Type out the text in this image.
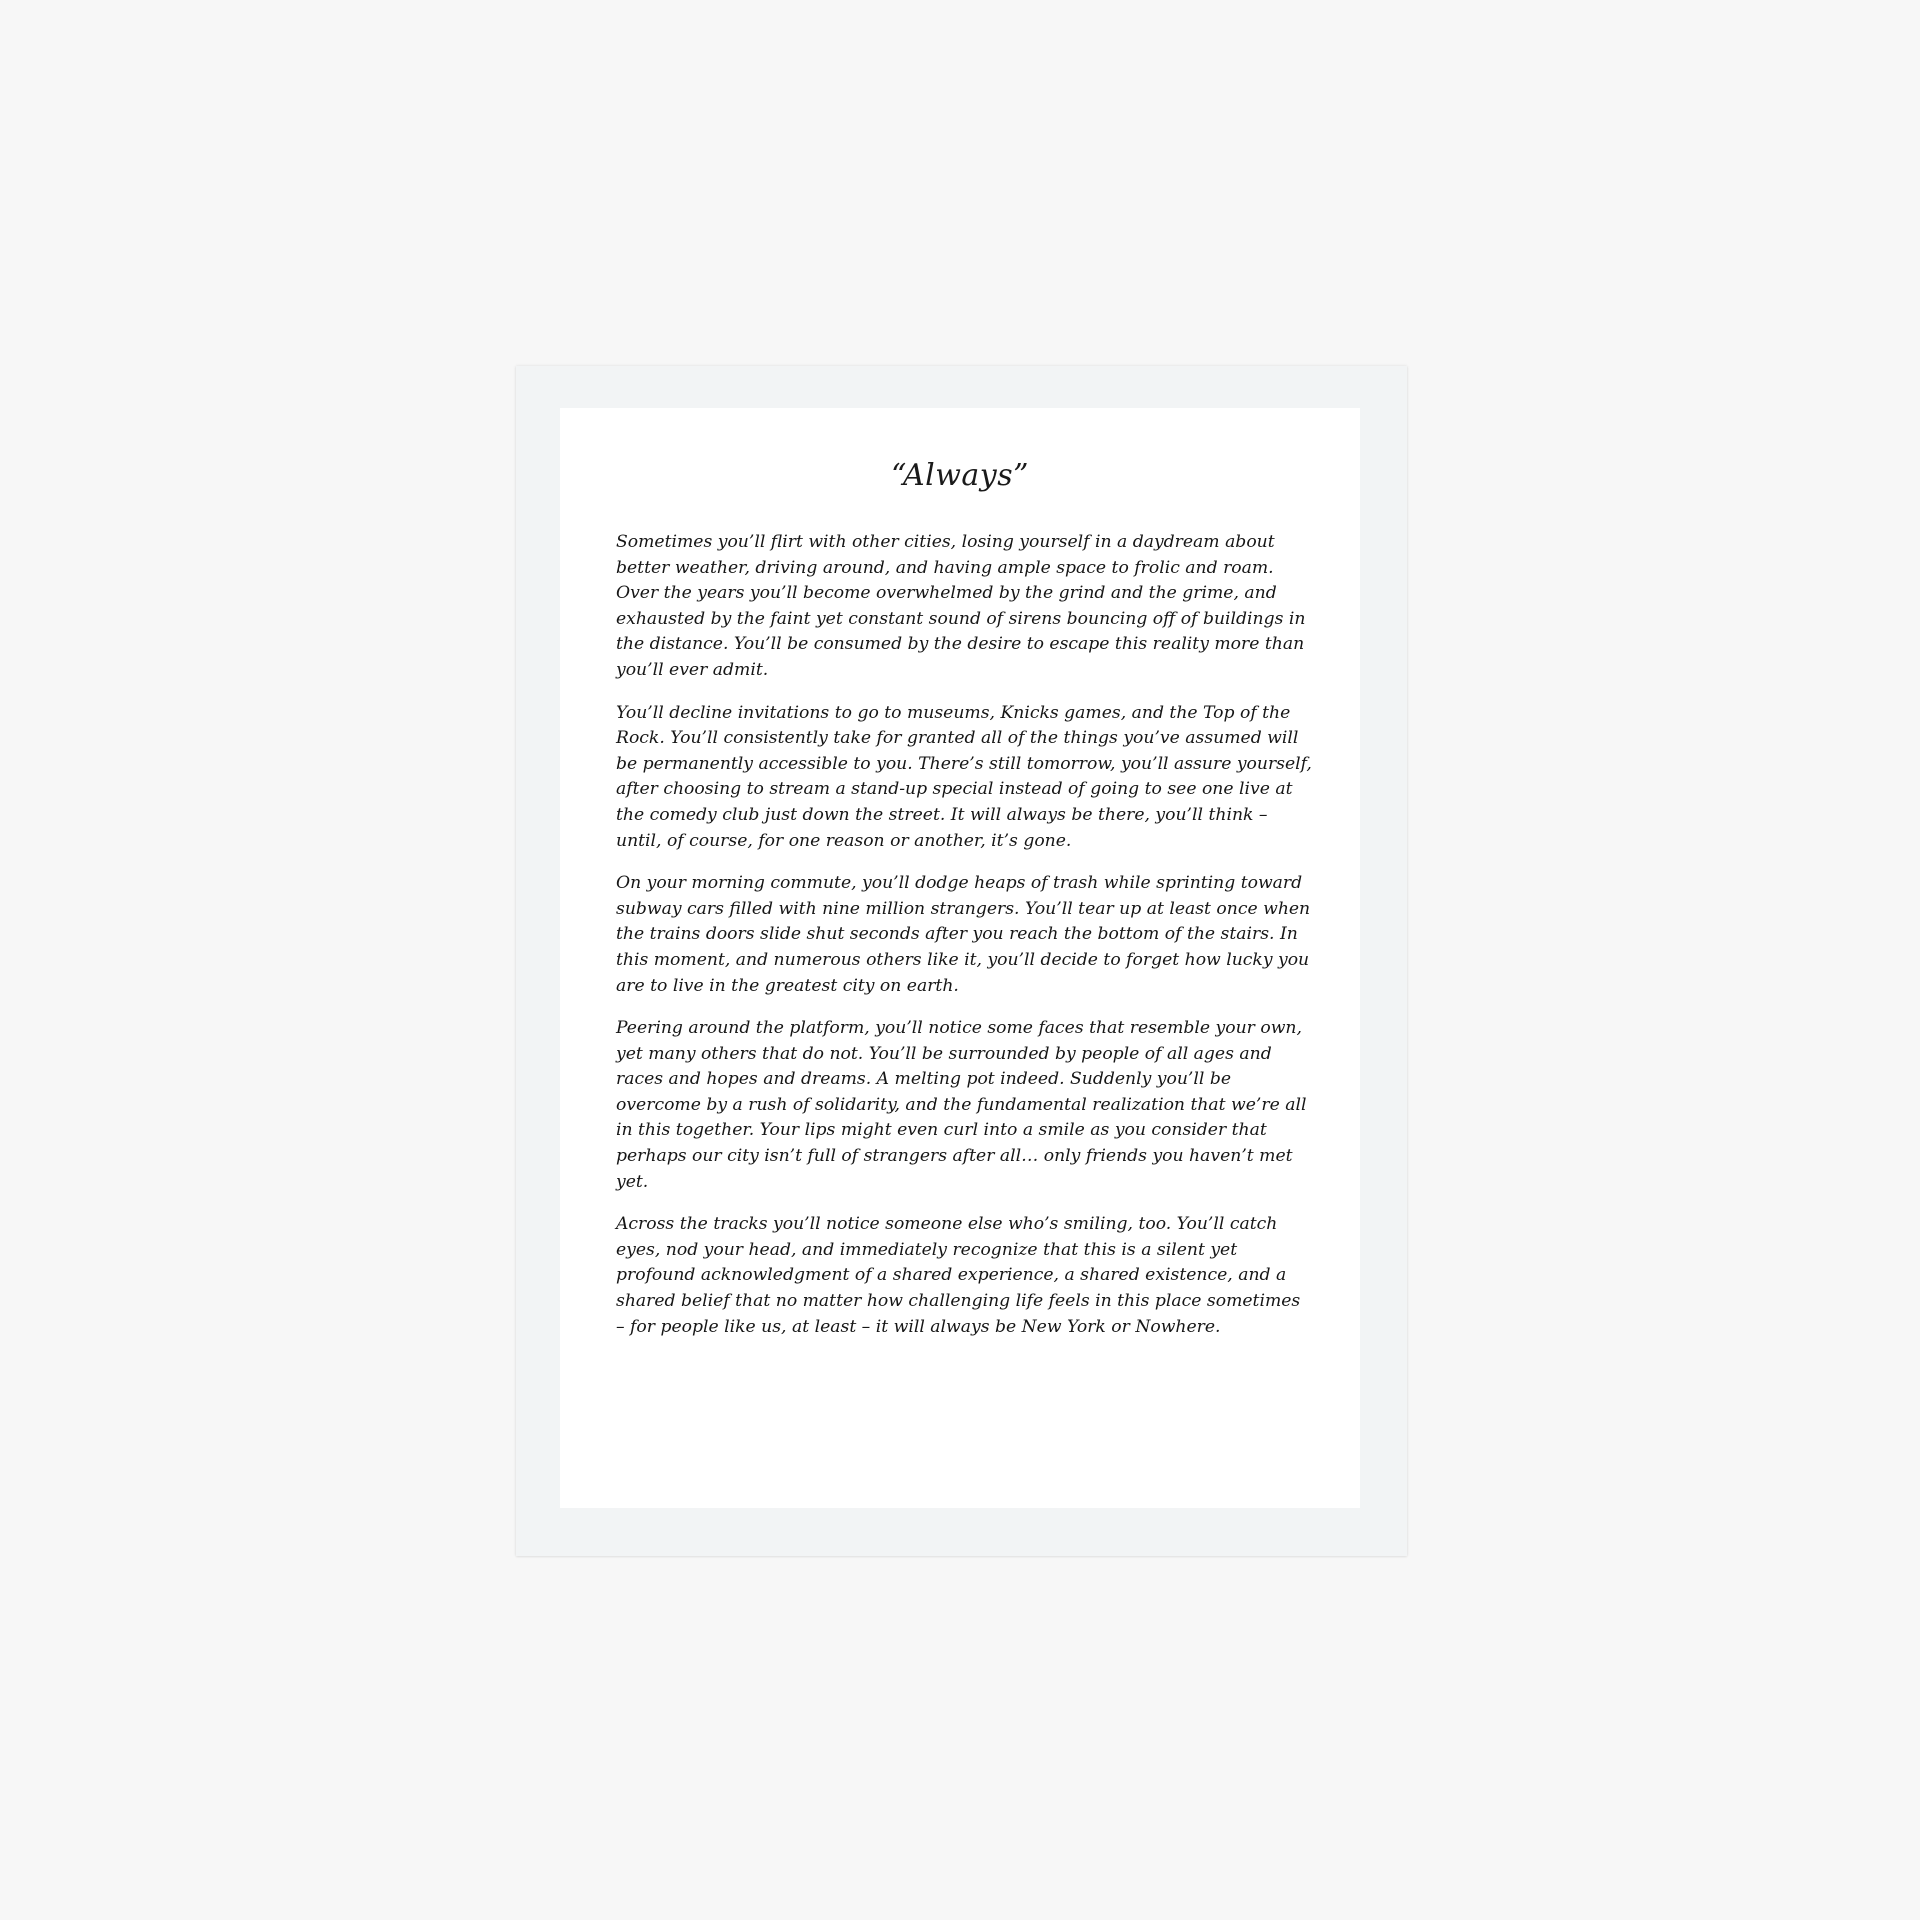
“Always”

Sometimes you’ll flirt with other cities, losing yourself in a daydream about better weather, driving around, and having ample space to frolic and roam. Over the years you’ll become overwhelmed by the grind and the grime, and exhausted by the faint yet constant sound of sirens bouncing off of buildings in the distance. You’ll be consumed by the desire to escape this reality more than you’ll ever admit.

You’ll decline invitations to go to museums, Knicks games, and the Top of the Rock. You’ll consistently take for granted all of the things you’ve assumed will be permanently accessible to you. There’s still tomorrow, you’ll assure yourself, after choosing to stream a stand-up special instead of going to see one live at the comedy club just down the street. It will always be there, you’ll think – until, of course, for one reason or another, it’s gone.

On your morning commute, you’ll dodge heaps of trash while sprinting toward subway cars filled with nine million strangers. You’ll tear up at least once when the trains doors slide shut seconds after you reach the bottom of the stairs. In this moment, and numerous others like it, you’ll decide to forget how lucky you are to live in the greatest city on earth.

Peering around the platform, you’ll notice some faces that resemble your own, yet many others that do not. You’ll be surrounded by people of all ages and races and hopes and dreams. A melting pot indeed. Suddenly you’ll be overcome by a rush of solidarity, and the fundamental realization that we’re all in this together. Your lips might even curl into a smile as you consider that perhaps our city isn’t full of strangers after all… only friends you haven’t met yet.

Across the tracks you’ll notice someone else who’s smiling, too. You’ll catch eyes, nod your head, and immediately recognize that this is a silent yet profound acknowledgment of a shared experience, a shared existence, and a shared belief that no matter how challenging life feels in this place sometimes – for people like us, at least – it will always be New York or Nowhere.
